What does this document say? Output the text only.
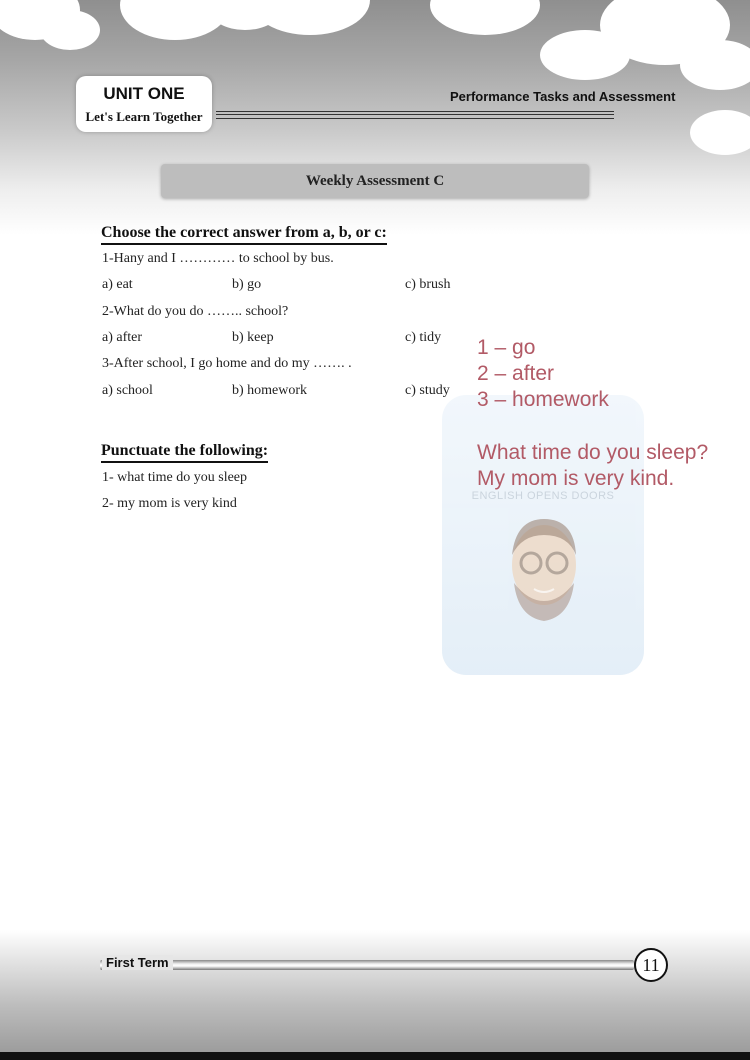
UNIT ONE
Let's Learn Together
Performance Tasks and Assessment
Weekly Assessment C
Choose the correct answer from a, b, or c:
1-Hany and I ………… to school by bus.
a) eat	b) go	c) brush
2-What do you do …….. school?
a) after	b) keep	c) tidy
3-After school, I go home and do my ……. .
a) school	b) homework	c) study
ENGLISH OPENS DOORS
1 – go
2 – after
3 – homework
Punctuate the following:
1- what time do you sleep
2- my mom is very kind
What time do you sleep?
My mom is very kind.
First Term	11
